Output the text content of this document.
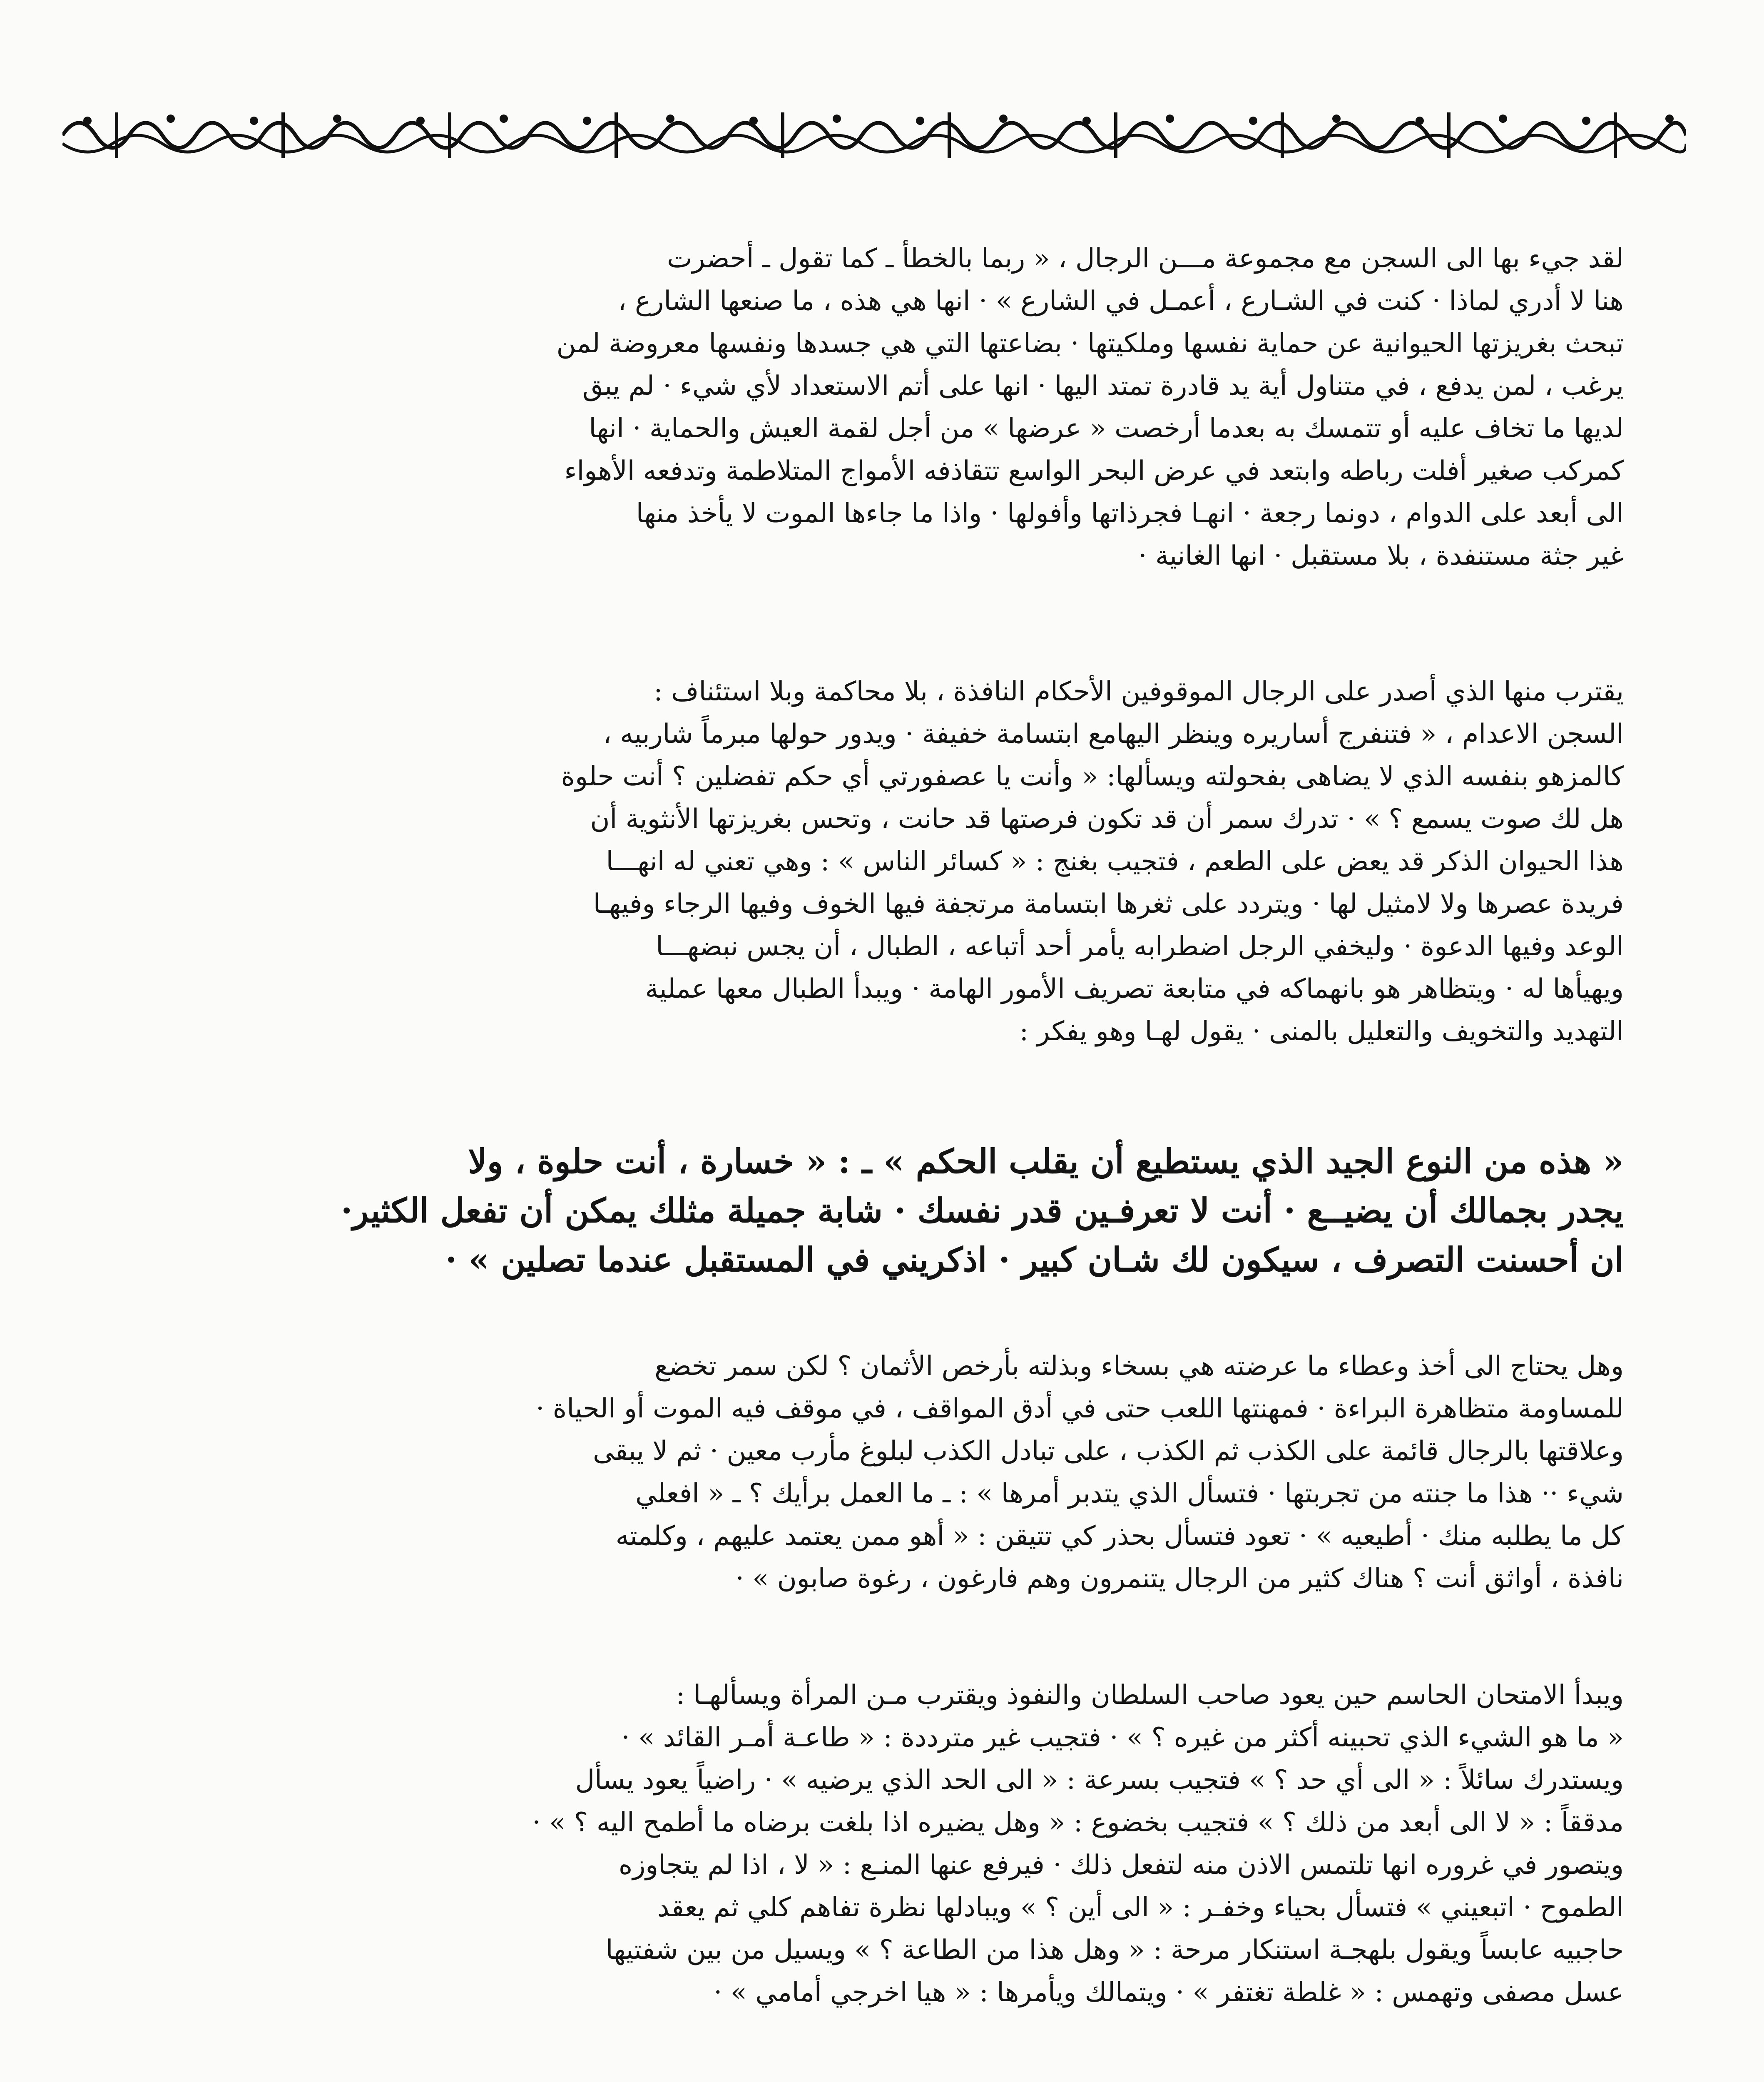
لقد جيء بها الى السجن مع مجموعة مـــن الرجال ، « ربما بالخطأ ـ كما تقول ـ أحضرت
هنا لا أدري لماذا · كنت في الشـارع ، أعمـل في الشارع » · انها هي هذه ، ما صنعها الشارع ،
تبحث بغريزتها الحيوانية عن حماية نفسها وملكيتها · بضاعتها التي هي جسدها ونفسها معروضة لمن
يرغب ، لمن يدفع ، في متناول أية يد قادرة تمتد اليها · انها على أتم الاستعداد لأي شيء · لم يبق
لديها ما تخاف عليه أو تتمسك به بعدما أرخصت « عرضها » من أجل لقمة العيش والحماية · انها
كمركب صغير أفلت رباطه وابتعد في عرض البحر الواسع تتقاذفه الأمواج المتلاطمة وتدفعه الأهواء
الى أبعد على الدوام ، دونما رجعة · انهـا فجرذاتها وأفولها · واذا ما جاءها الموت لا يأخذ منها
غير جثة مستنفدة ، بلا مستقبل · انها الغانية ·
يقترب منها الذي أصدر على الرجال الموقوفين الأحكام النافذة ، بلا محاكمة وبلا استئناف :
السجن الاعدام ، « فتنفرج أساريره وينظر اليهامع ابتسامة خفيفة · ويدور حولها مبرماً شاربيه ،
كالمزهو بنفسه الذي لا يضاهى بفحولته ويسألها: « وأنت يا عصفورتي أي حكم تفضلين ؟ أنت حلوة
هل لك صوت يسمع ؟ » · تدرك سمر أن قد تكون فرصتها قد حانت ، وتحس بغريزتها الأنثوية أن
هذا الحيوان الذكر قد يعض على الطعم ، فتجيب بغنج : « كسائر الناس » : وهي تعني له انهـــا
فريدة عصرها ولا لامثيل لها · ويتردد على ثغرها ابتسامة مرتجفة فيها الخوف وفيها الرجاء وفيهـا
الوعد وفيها الدعوة · وليخفي الرجل اضطرابه يأمر أحد أتباعه ، الطبال ، أن يجس نبضهـــا
ويهيأها له · ويتظاهر هو بانهماكه في متابعة تصريف الأمور الهامة · ويبدأ الطبال معها عملية
التهديد والتخويف والتعليل بالمنى · يقول لهـا وهو يفكر :
« هذه من النوع الجيد الذي يستطيع أن يقلب الحكم » ـ : « خسارة ، أنت حلوة ، ولا
يجدر بجمالك أن يضيــع · أنت لا تعرفـين قدر نفسك · شابة جميلة مثلك يمكن أن تفعل الكثير·
ان أحسنت التصرف ، سيكون لك شـان كبير · اذكريني في المستقبل عندما تصلين » ·
وهل يحتاج الى أخذ وعطاء ما عرضته هي بسخاء وبذلته بأرخص الأثمان ؟ لكن سمر تخضع
للمساومة متظاهرة البراءة · فمهنتها اللعب حتى في أدق المواقف ، في موقف فيه الموت أو الحياة ·
وعلاقتها بالرجال قائمة على الكذب ثم الكذب ، على تبادل الكذب لبلوغ مأرب معين · ثم لا يبقى
شيء ·· هذا ما جنته من تجربتها · فتسأل الذي يتدبر أمرها » : ـ ما العمل برأيك ؟ ـ « افعلي
كل ما يطلبه منك · أطيعيه » · تعود فتسأل بحذر كي تتيقن : « أهو ممن يعتمد عليهم ، وكلمته
نافذة ، أواثق أنت ؟ هناك كثير من الرجال يتنمرون وهم فارغون ، رغوة صابون » ·
ويبدأ الامتحان الحاسم حين يعود صاحب السلطان والنفوذ ويقترب مـن المرأة ويسألهـا :
« ما هو الشيء الذي تحبينه أكثر من غيره ؟ » · فتجيب غير مترددة : « طاعـة أمـر القائد » ·
ويستدرك سائلاً : « الى أي حد ؟ » فتجيب بسرعة : « الى الحد الذي يرضيه » · راضياً يعود يسأل
مدققاً : « لا الى أبعد من ذلك ؟ » فتجيب بخضوع : « وهل يضيره اذا بلغت برضاه ما أطمح اليه ؟ » ·
ويتصور في غروره انها تلتمس الاذن منه لتفعل ذلك · فيرفع عنها المنـع : « لا ، اذا لم يتجاوزه
الطموح · اتبعيني » فتسأل بحياء وخفـر : « الى أين ؟ » ويبادلها نظرة تفاهم كلي ثم يعقد
حاجبيه عابساً ويقول بلهجـة استنكار مرحة : « وهل هذا من الطاعة ؟ » ويسيل من بين شفتيها
عسل مصفى وتهمس : « غلطة تغتفر » · ويتمالك ويأمرها : « هيا اخرجي أمامي » ·
